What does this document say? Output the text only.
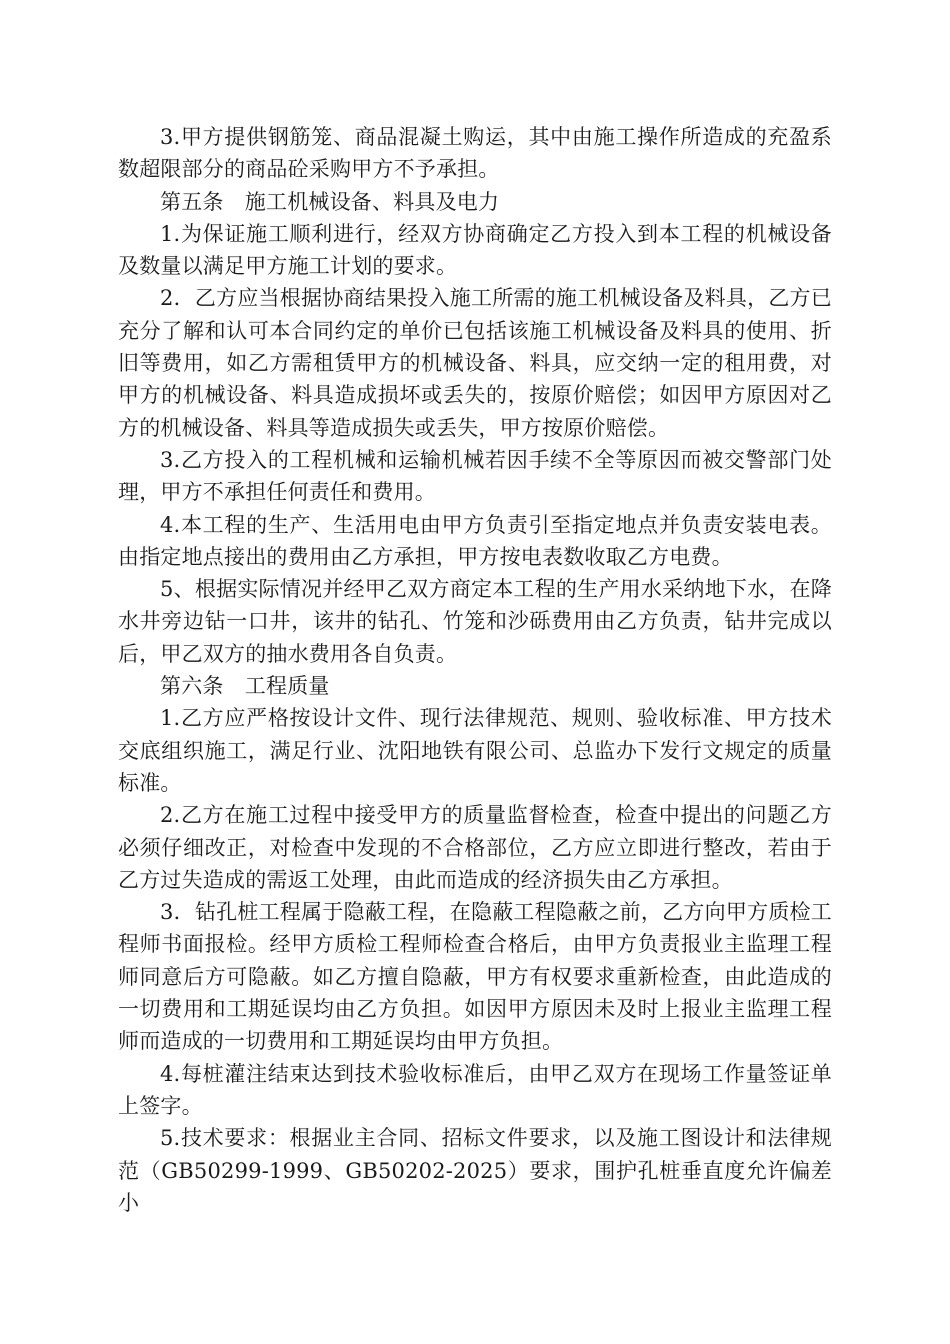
3.甲方提供钢筋笼、商品混凝土购运，其中由施工操作所造成的充盈系数超限部分的商品砼采购甲方不予承担。

第五条　施工机械设备、料具及电力

1.为保证施工顺利进行，经双方协商确定乙方投入到本工程的机械设备及数量以满足甲方施工计划的要求。

2．乙方应当根据协商结果投入施工所需的施工机械设备及料具，乙方已充分了解和认可本合同约定的单价已包括该施工机械设备及料具的使用、折旧等费用，如乙方需租赁甲方的机械设备、料具，应交纳一定的租用费，对甲方的机械设备、料具造成损坏或丢失的，按原价赔偿；如因甲方原因对乙方的机械设备、料具等造成损失或丢失，甲方按原价赔偿。

3.乙方投入的工程机械和运输机械若因手续不全等原因而被交警部门处理，甲方不承担任何责任和费用。

4.本工程的生产、生活用电由甲方负责引至指定地点并负责安装电表。由指定地点接出的费用由乙方承担，甲方按电表数收取乙方电费。

5、根据实际情况并经甲乙双方商定本工程的生产用水采纳地下水，在降水井旁边钻一口井，该井的钻孔、竹笼和沙砾费用由乙方负责，钻井完成以后，甲乙双方的抽水费用各自负责。

第六条　工程质量

1.乙方应严格按设计文件、现行法律规范、规则、验收标准、甲方技术交底组织施工，满足行业、沈阳地铁有限公司、总监办下发行文规定的质量标准。

2.乙方在施工过程中接受甲方的质量监督检查，检查中提出的问题乙方必须仔细改正，对检查中发现的不合格部位，乙方应立即进行整改，若由于乙方过失造成的需返工处理，由此而造成的经济损失由乙方承担。

3．钻孔桩工程属于隐蔽工程，在隐蔽工程隐蔽之前，乙方向甲方质检工程师书面报检。经甲方质检工程师检查合格后，由甲方负责报业主监理工程师同意后方可隐蔽。如乙方擅自隐蔽，甲方有权要求重新检查，由此造成的一切费用和工期延误均由乙方负担。如因甲方原因未及时上报业主监理工程师而造成的一切费用和工期延误均由甲方负担。

4.每桩灌注结束达到技术验收标准后，由甲乙双方在现场工作量签证单上签字。

5.技术要求：根据业主合同、招标文件要求，以及施工图设计和法律规范（GB50299-1999、GB50202-2025）要求，围护孔桩垂直度允许偏差小
